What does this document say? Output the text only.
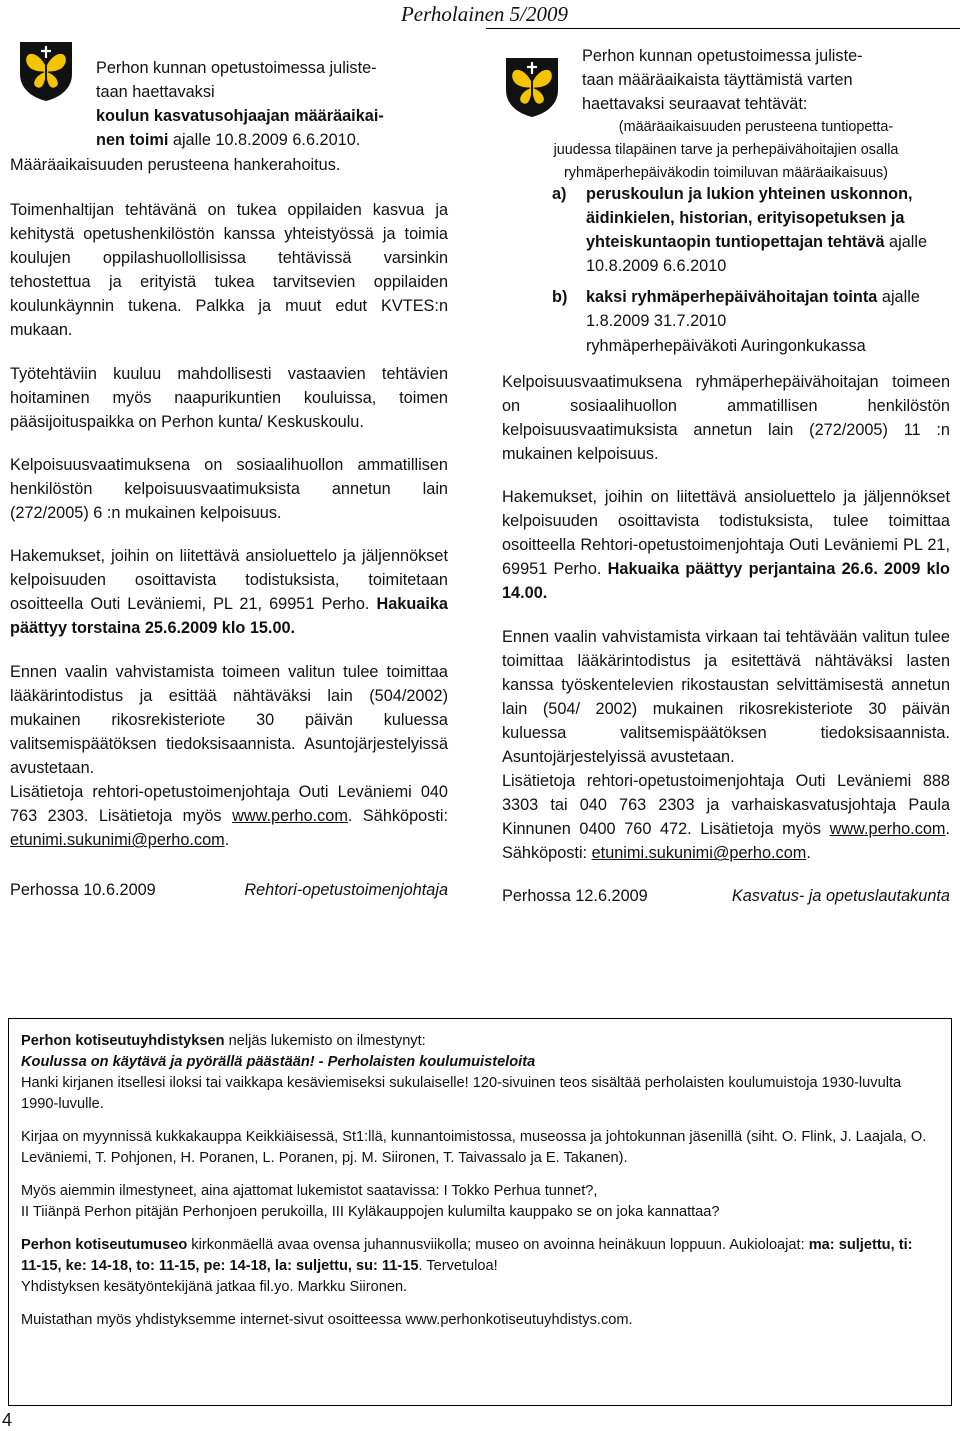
Perholainen 5/2009
Perhon kunnan opetustoimessa juliste-
taan haettavaksi
koulun kasvatusohjaajan määräaikai-
nen toimi ajalle 10.8.2009 6.6.2010.
Määräaikaisuuden perusteena hankerahoitus.

Toimenhaltijan tehtävänä on tukea oppilaiden kasvua ja kehitystä opetushenkilöstön kanssa yhteistyössä ja toimia koulujen oppilashuollollisissa tehtävissä varsinkin tehostettua ja erityistä tukea tarvitsevien oppilaiden koulunkäynnin tukena. Palkka ja muut edut KVTES:n mukaan.

Työtehtäviin kuuluu mahdollisesti vastaavien tehtävien hoitaminen myös naapurikuntien kouluissa, toimen pääsijoituspaikka on Perhon kunta/ Keskuskoulu.

Kelpoisuusvaatimuksena on sosiaalihuollon ammatillisen henkilöstön kelpoisuusvaatimuksista annetun lain (272/2005) 6 :n mukainen kelpoisuus.

Hakemukset, joihin on liitettävä ansioluettelo ja jäljennökset kelpoisuuden osoittavista todistuksista, toimitetaan osoitteella Outi Leväniemi, PL 21, 69951 Perho. Hakuaika päättyy torstaina 25.6.2009 klo 15.00.

Ennen vaalin vahvistamista toimeen valitun tulee toimittaa lääkärintodistus ja esittää nähtäväksi lain (504/2002) mukainen rikosrekisteriote 30 päivän kuluessa valitsemispäätöksen tiedoksisaannista. Asuntojärjestelyissä avustetaan.

Lisätietoja rehtori-opetustoimenjohtaja Outi Leväniemi 040 763 2303. Lisätietoja myös www.perho.com. Sähköposti: etunimi.sukunimi@perho.com.

Perhossa 10.6.2009	Rehtori-opetustoimenjohtaja
Perhon kunnan opetustoimessa juliste-
taan määräaikaista täyttämistä varten
haettavaksi seuraavat tehtävät:
(määräaikaisuuden perusteena tuntiopetta-
juudessa tilapäinen tarve ja perhepäivähoitajien osalla
ryhmäperhepäiväkodin toimiluvan määräaikaisuus)
a) peruskoulun ja lukion yhteinen uskonnon, äidinkielen, historian, erityisopetuksen ja yhteiskuntaopin tuntiopettajan tehtävä ajalle 10.8.2009 6.6.2010
b) kaksi ryhmäperhepäivähoitajan tointa ajalle 1.8.2009 31.7.2010
ryhmäperhepäiväkoti Auringonkukassa

Kelpoisuusvaatimuksena ryhmäperhepäivähoitajan toimeen on sosiaalihuollon ammatillisen henkilöstön kelpoisuusvaatimuksista annetun lain (272/2005) 11 :n mukainen kelpoisuus.

Hakemukset, joihin on liitettävä ansioluettelo ja jäljennökset kelpoisuuden osoittavista todistuksista, tulee toimittaa osoitteella Rehtori-opetustoimenjohtaja Outi Leväniemi PL 21, 69951 Perho. Hakuaika päättyy perjantaina 26.6. 2009 klo 14.00.

Ennen vaalin vahvistamista virkaan tai tehtävään valitun tulee toimittaa lääkärintodistus ja esitettävä nähtäväksi lasten kanssa työskentelevien rikostaustan selvittämisestä annetun lain (504/ 2002) mukainen rikosrekisteriote 30 päivän kuluessa valitsemispäätöksen tiedoksisaannista. Asuntojärjestelyissä avustetaan.

Lisätietoja rehtori-opetustoimenjohtaja Outi Leväniemi 888 3303 tai 040 763 2303 ja varhaiskasvatusjohtaja Paula Kinnunen 0400 760 472. Lisätietoja myös www.perho.com. Sähköposti: etunimi.sukunimi@perho.com.

Perhossa 12.6.2009	Kasvatus- ja opetuslautakunta

Perhon kotiseutuyhdistyksen neljäs lukemisto on ilmestynyt:
Koulussa on käytävä ja pyörällä päästään! - Perholaisten koulumuisteloita
Hanki kirjanen itsellesi iloksi tai vaikkapa kesäviemiseksi sukulaiselle! 120-sivuinen teos sisältää perholaisten koulumuistoja 1930-luvulta 1990-luvulle.

Kirjaa on myynnissä kukkakauppa Keikkiäisessä, St1:llä, kunnantoimistossa, museossa ja johtokunnan jäsenillä (siht. O. Flink, J. Laajala, O. Leväniemi, T. Pohjonen, H. Poranen, L. Poranen, pj. M. Siironen, T. Taivassalo ja E. Takanen).

Myös aiemmin ilmestyneet, aina ajattomat lukemistot saatavissa: I Tokko Perhua tunnet?,
II Tiiänpä Perhon pitäjän Perhonjoen perukoilla, III Kyläkauppojen kulumilta kauppako se on joka kannattaa?

Perhon kotiseutumuseo kirkonmäellä avaa ovensa juhannusviikolla; museo on avoinna heinäkuun loppuun. Aukioloajat: ma: suljettu, ti: 11-15, ke: 14-18, to: 11-15, pe: 14-18, la: suljettu, su: 11-15. Tervetuloa!
Yhdistyksen kesätyöntekijänä jatkaa fil.yo. Markku Siironen.

Muistathan myös yhdistyksemme internet-sivut osoitteessa www.perhonkotiseutuyhdistys.com.

4
